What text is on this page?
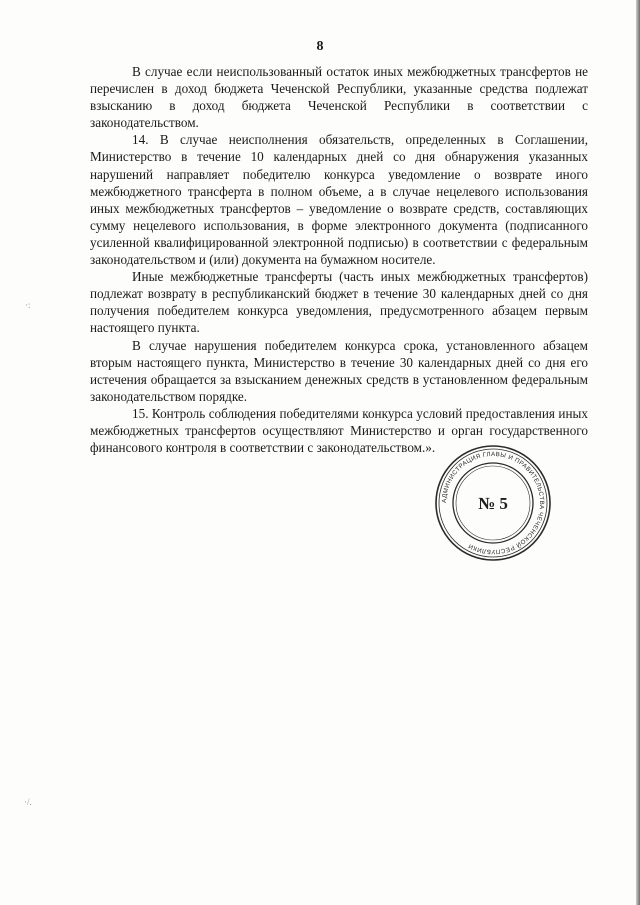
8

В случае если неиспользованный остаток иных межбюджетных трансфертов не перечислен в доход бюджета Чеченской Республики, указанные средства подлежат взысканию в доход бюджета Чеченской Республики в соответствии с законодательством.

14. В случае неисполнения обязательств, определенных в Соглашении, Министерство в течение 10 календарных дней со дня обнаружения указанных нарушений направляет победителю конкурса уведомление о возврате иного межбюджетного трансферта в полном объеме, а в случае нецелевого использования иных межбюджетных трансфертов – уведомление о возврате средств, составляющих сумму нецелевого использования, в форме электронного документа (подписанного усиленной квалифицированной электронной подписью) в соответствии с федеральным законодательством и (или) документа на бумажном носителе.

Иные межбюджетные трансферты (часть иных межбюджетных трансфертов) подлежат возврату в республиканский бюджет в течение 30 календарных дней со дня получения победителем конкурса уведомления, предусмотренного абзацем первым настоящего пункта.

В случае нарушения победителем конкурса срока, установленного абзацем вторым настоящего пункта, Министерство в течение 30 календарных дней со дня его истечения обращается за взысканием денежных средств в установленном федеральным законодательством порядке.

15. Контроль соблюдения победителями конкурса условий предоставления иных межбюджетных трансфертов осуществляют Министерство и орган государственного финансового контроля в соответствии с законодательством.».

АДМИНИСТРАЦИЯ ГЛАВЫ И ПРАВИТЕЛЬСТВА ЧЕЧЕНСКОЙ РЕСПУБЛИКИ
№ 5
·:
·/.
